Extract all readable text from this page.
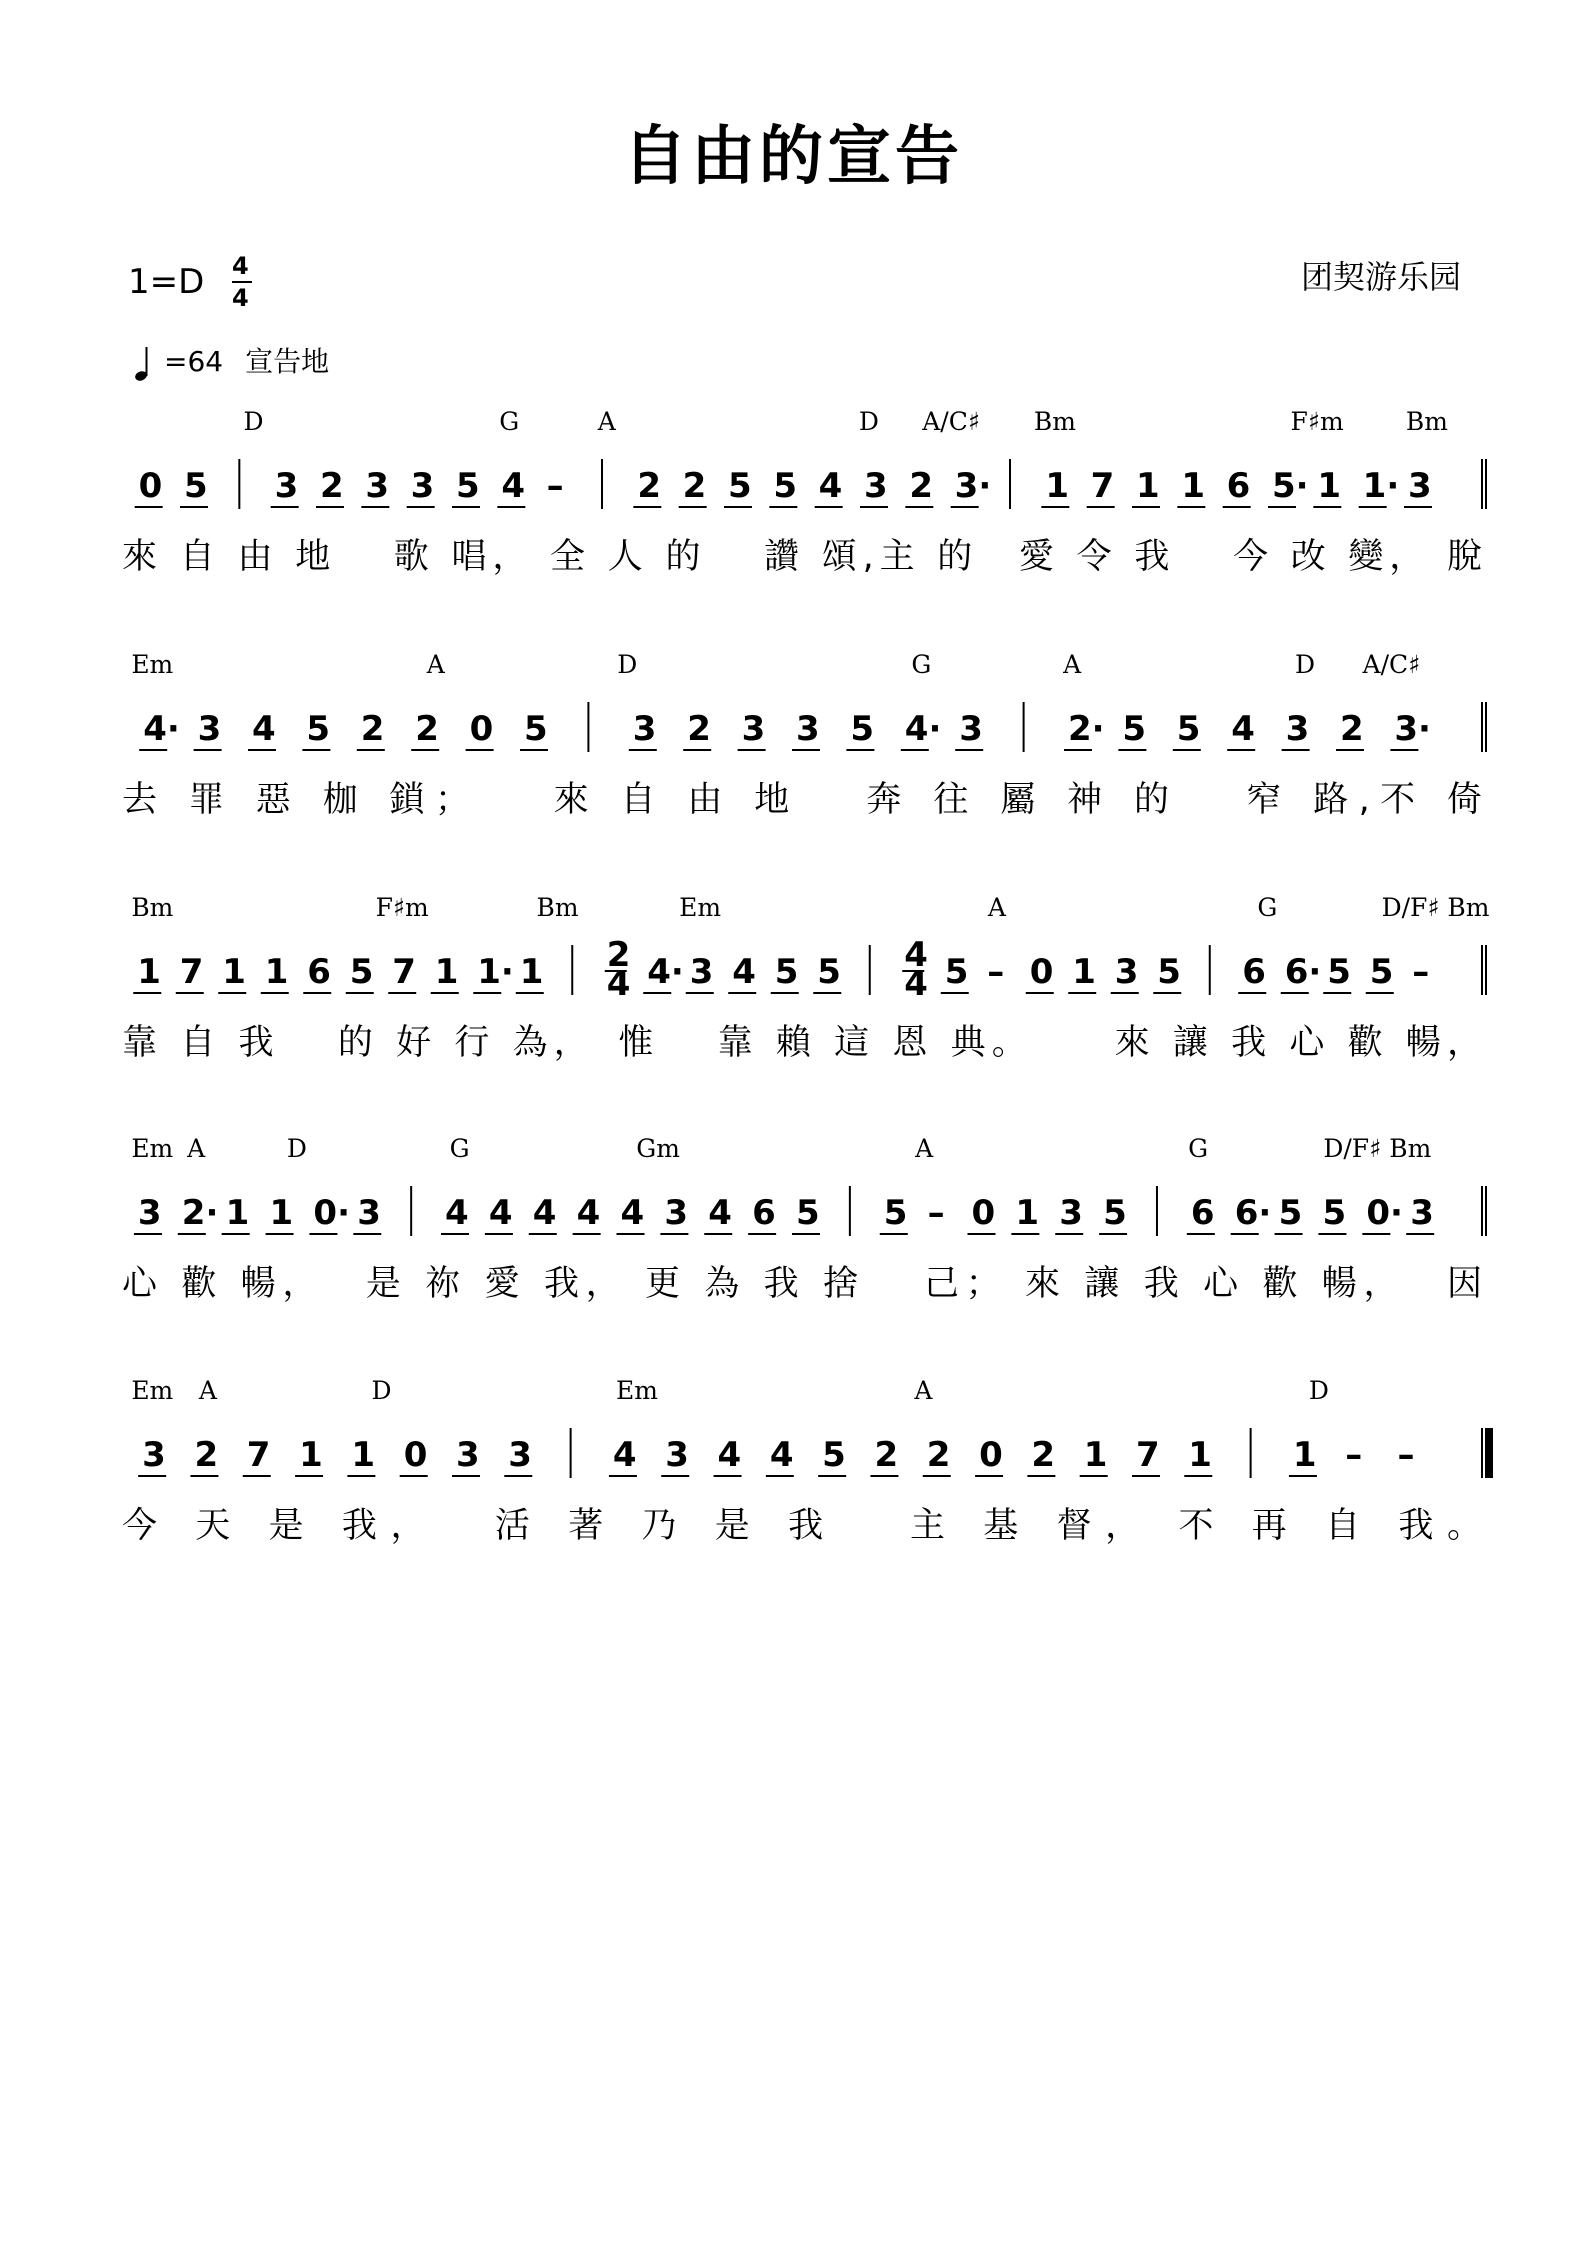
自由的宣告
1=D 4
4
团契游乐园
=64 宣告地
D	G	A	D A/C♯ Bm	F♯m Bm
0 5 3 2 3 3 5 4 – 2 2 5 5 4 3 2 3· 1 7 1 1 6 5· 1 1· 3
來 自 由 地　 歌 唱， 全 人 的　 讚 頌,主 的　愛 令 我　 今 改 變， 脫
Em	A	D	G	A	D A/C♯
4· 3 4 5 2 2 0 5	3 2 3 3 5 4· 3	2· 5 5 4 3 2 3·
去 罪 惡 枷 鎖；　　來 自 由 地　 奔 往 屬 神 的　 窄 路,不 倚
Bm	F♯m	Bm	Em	A	G	D/F♯ Bm
1 7 1 1 6 5 7 1 1· 1 2
4 4· 3 4 5 5 4
4 5 – 0 1 3 5 6 6· 5 5 –
靠 自 我　 的 好 行 為，　惟　 靠 賴 這 恩 典。　　 來 讓 我 心 歡 暢，
Em A	D	G	Gm	A	G	D/F♯ Bm
3 2· 1 1 0· 3 4 4 4 4 4 3 4 6 5 5 – 0 1 3 5 6 6· 5 5 0· 3
心 歡 暢，　 是 祢 愛 我， 更 為 我 捨　 己； 來 讓 我 心 歡 暢，　 因
Em A	D	Em	A	D
3 2 7 1 1 0 3 3 4 3 4 4 5 2 2 0 2 1 7 1 1 – –
今 天 是 我，　 活 著 乃 是 我　 主 基 督， 不 再 自 我。
